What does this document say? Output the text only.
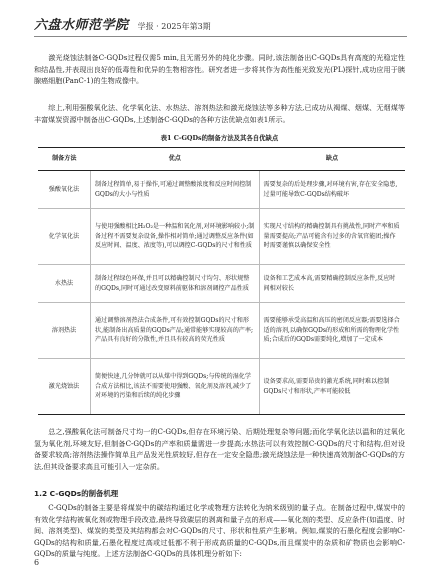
六盘水师范学院 学报 · 2025年第3期

激光烧蚀法制备C-GQDs过程仅需5 min,且无需另外的纯化步骤。同时,该法制备出C-GQDs具有高度的光稳定性和结晶性,并表现出良好的低毒性和优异的生物相容性。研究者进一步将其作为高性能光致发光(PL)探针,成功应用于胰腺癌细胞(PanC-1)的生物成像中。

综上,利用强酸氧化法、化学氧化法、水热法、溶剂热法和激光烧蚀法等多种方法,已成功从褐煤、烟煤、无烟煤等丰富煤炭资源中制备出C-GQDs,上述制备C-GQDs的各种方法优缺点如表1所示。

表1 C-GQDs的制备方法及其各自优缺点
制备方法	优点	缺点
强酸氧化法	制备过程简单,易于操作,可通过调整酸浓度和反应时间控制GQDs的大小与性质	需要复杂的后处理步骤,对环境有害,存在安全隐患,过量可能导致C-GQDs结构破坏
化学氧化法	与使用强酸相比H₂O₂是一种温和氧化剂,对环境影响较小;制备过程不需要复杂设备,操作相对简单;通过调整反应条件(如反应时间、温度、浓度等),可以调控C-GQDs的尺寸和性质	实现尺寸结构的精确控制具有挑战性,同时产率和质量需要提高;产品可能含有过多的含氧官能团;操作时需要谨慎以确保安全性
水热法	制备过程绿色环保,并且可以精确控制尺寸均匀、形状规整的GQDs,同时可通过改变原料前驱体和溶剂调控产品性质	设备和工艺成本高,需要精确控制反应条件,反应时间相对较长
溶剂热法	通过调整溶剂热法合成条件,可有效控制GQDs的尺寸和形状,能制备出高质量的GQDs产品;通常能够实现较高的产率;产品具有良好的分散性,并且具有较高的荧光性质	需要能够承受高温和高压的密闭反应器;需要选择合适的溶剂,以确保GQDs的形成和所需的物理化学性质;合成后的GQDs需要纯化,增加了一定成本
激光烧蚀法	简便快速,几分钟就可以从煤中得到GQDs;与传统的湿化学合成方法相比,该法不需要使用强酸、氧化剂及溶剂,减少了对环境的污染和后续的纯化步骤	设备要求高,需要昂贵的激光系统,同时难以控制GQDs尺寸和形状,产率可能较低

总之,强酸氧化法可制备尺寸均一的C-GQDs,但存在环境污染、后期处理复杂等问题;而化学氧化法以温和的过氧化氢为氧化剂,环境友好,但制备C-GQDs的产率和质量需进一步提高;水热法可以有效控制C-GQDs的尺寸和结构,但对设备要求较高;溶剂热法操作简单且产品发光性质较好,但存在一定安全隐患;激光烧蚀法是一种快速高效制备C-GQDs的方法,但其设备要求高且可能引入一定杂质。

1.2 C-GQDs的制备机理

C-GQDs的制备主要是将煤炭中的碳结构通过化学或物理方法转化为纳米级别的量子点。在制备过程中,煤炭中的有效化学结构被氧化剂或物理手段改造,最终导致碳层的剥离和量子点的形成——氧化剂的类型、反应条件(如温度、时间、溶剂类型)、煤炭的类型及其结构都会对C-GQDs的尺寸、形状和性质产生影响。例如,煤炭的石墨化程度会影响C-GQDs的结构和质量,石墨化程度过高或过低都不利于形成高质量的C-GQDs,而且煤炭中的杂质和矿物质也会影响C-GQDs的质量与纯度。上述方法制备C-GQDs的具体机理分析如下:

6
